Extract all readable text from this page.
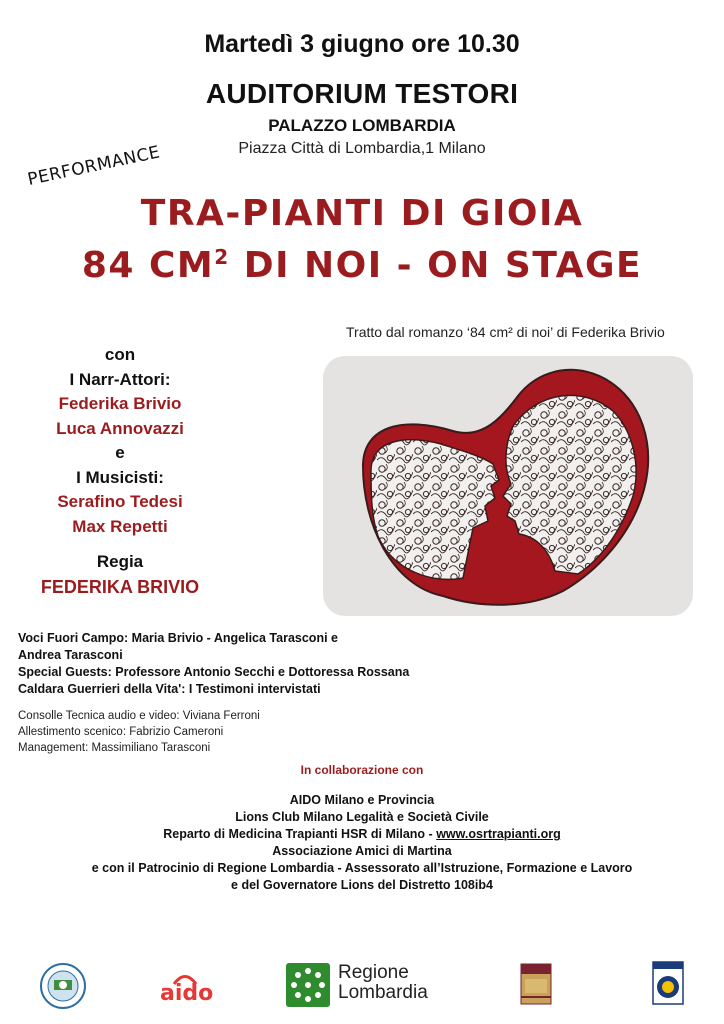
Martedì 3 giugno ore 10.30
AUDITORIUM TESTORI
PALAZZO LOMBARDIA
Piazza Città di Lombardia,1 Milano
PERFORMANCE
TRA-PIANTI DI GIOIA
84 $CM^2$ DI NOI - ON STAGE
Tratto dal romanzo ‘84 cm² di noi’ di Federika Brivio
con
I Narr-Attori:
Federika Brivio
Luca Annovazzi
e
I Musicisti:
Serafino Tedesi
Max Repetti
Regia
FEDERIKA BRIVIO
Voci Fuori Campo: Maria Brivio - Angelica Tarasconi e
Andrea Tarasconi
Special Guests: Professore Antonio Secchi e Dottoressa Rossana
Caldara Guerrieri della Vita': I Testimoni intervistati
Consolle Tecnica audio e video: Viviana Ferroni
Allestimento scenico: Fabrizio Cameroni
Management: Massimiliano Tarasconi
In collaborazione con
AIDO Milano e Provincia
Lions Club Milano Legalità e Società Civile
Reparto di Medicina Trapianti HSR di Milano - www.osrtrapianti.org
Associazione Amici di Martina
e con il Patrocinio di Regione Lombardia - Assessorato all’Istruzione, Formazione e Lavoro
e del Governatore Lions del Distretto 108ib4
aido
Regione
Lombardia
